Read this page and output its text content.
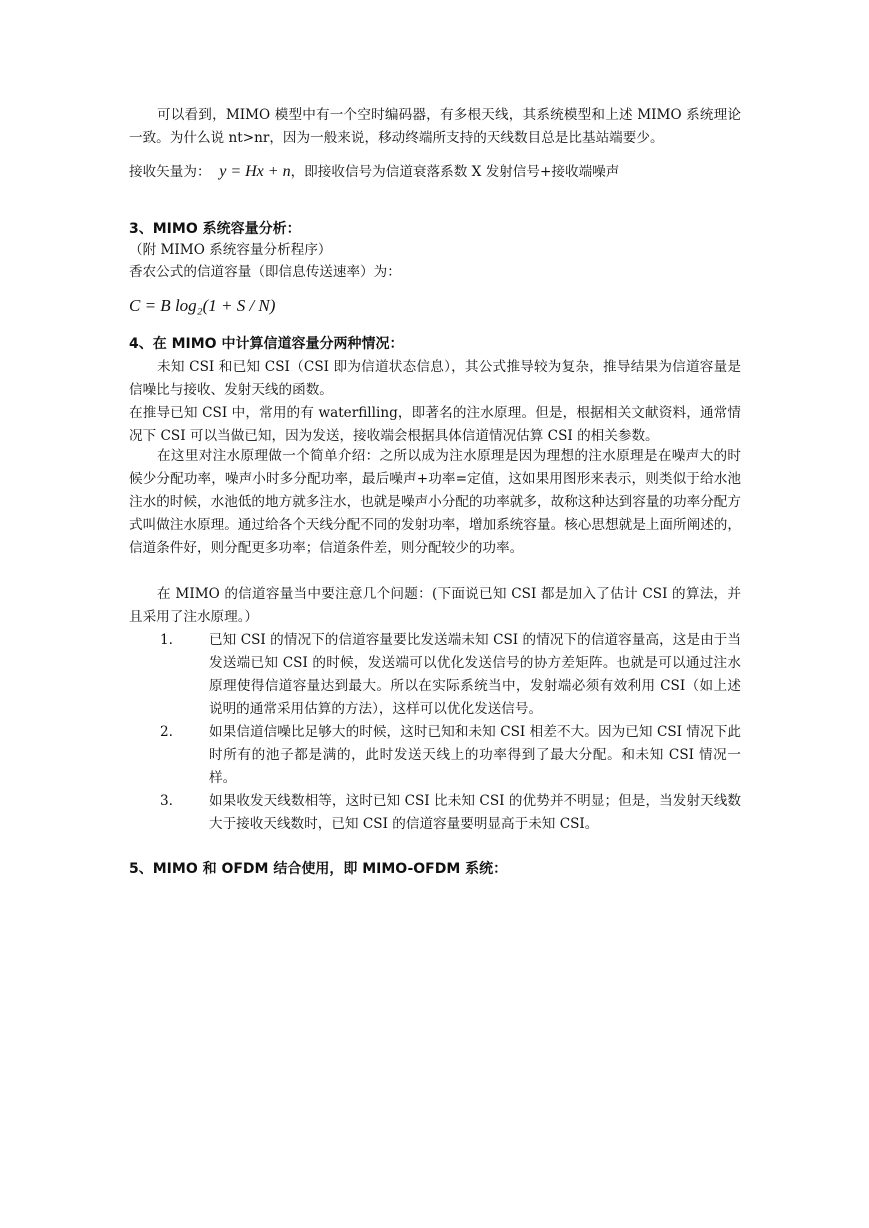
可以看到，MIMO 模型中有一个空时编码器，有多根天线，其系统模型和上述 MIMO 系统理论一致。为什么说 nt>nr，因为一般来说，移动终端所支持的天线数目总是比基站端要少。

接收矢量为： y = Hx + n，即接收信号为信道衰落系数 X 发射信号+接收端噪声

3、MIMO 系统容量分析：

（附 MIMO 系统容量分析程序）

香农公式的信道容量（即信息传送速率）为：

C = B log₂(1 + S / N)
4、在 MIMO 中计算信道容量分两种情况：

未知 CSI 和已知 CSI（CSI 即为信道状态信息），其公式推导较为复杂，推导结果为信道容量是信噪比与接收、发射天线的函数。

在推导已知 CSI 中，常用的有 waterfilling，即著名的注水原理。但是，根据相关文献资料，通常情况下 CSI 可以当做已知，因为发送，接收端会根据具体信道情况估算 CSI 的相关参数。

在这里对注水原理做一个简单介绍：之所以成为注水原理是因为理想的注水原理是在噪声大的时候少分配功率，噪声小时多分配功率，最后噪声+功率=定值，这如果用图形来表示，则类似于给水池注水的时候，水池低的地方就多注水，也就是噪声小分配的功率就多，故称这种达到容量的功率分配方式叫做注水原理。通过给各个天线分配不同的发射功率，增加系统容量。核心思想就是上面所阐述的，信道条件好，则分配更多功率；信道条件差，则分配较少的功率。

在 MIMO 的信道容量当中要注意几个问题：(下面说已知 CSI 都是加入了估计 CSI 的算法，并且采用了注水原理。）

1.	已知 CSI 的情况下的信道容量要比发送端未知 CSI 的情况下的信道容量高，这是由于当发送端已知 CSI 的时候，发送端可以优化发送信号的协方差矩阵。也就是可以通过注水原理使得信道容量达到最大。所以在实际系统当中，发射端必须有效利用 CSI（如上述说明的通常采用估算的方法），这样可以优化发送信号。
2.	如果信道信噪比足够大的时候，这时已知和未知 CSI 相差不大。因为已知 CSI 情况下此时所有的池子都是满的，此时发送天线上的功率得到了最大分配。和未知 CSI 情况一样。
3.	如果收发天线数相等，这时已知 CSI 比未知 CSI 的优势并不明显；但是，当发射天线数大于接收天线数时，已知 CSI 的信道容量要明显高于未知 CSI。
5、MIMO 和 OFDM 结合使用，即 MIMO-OFDM 系统：
